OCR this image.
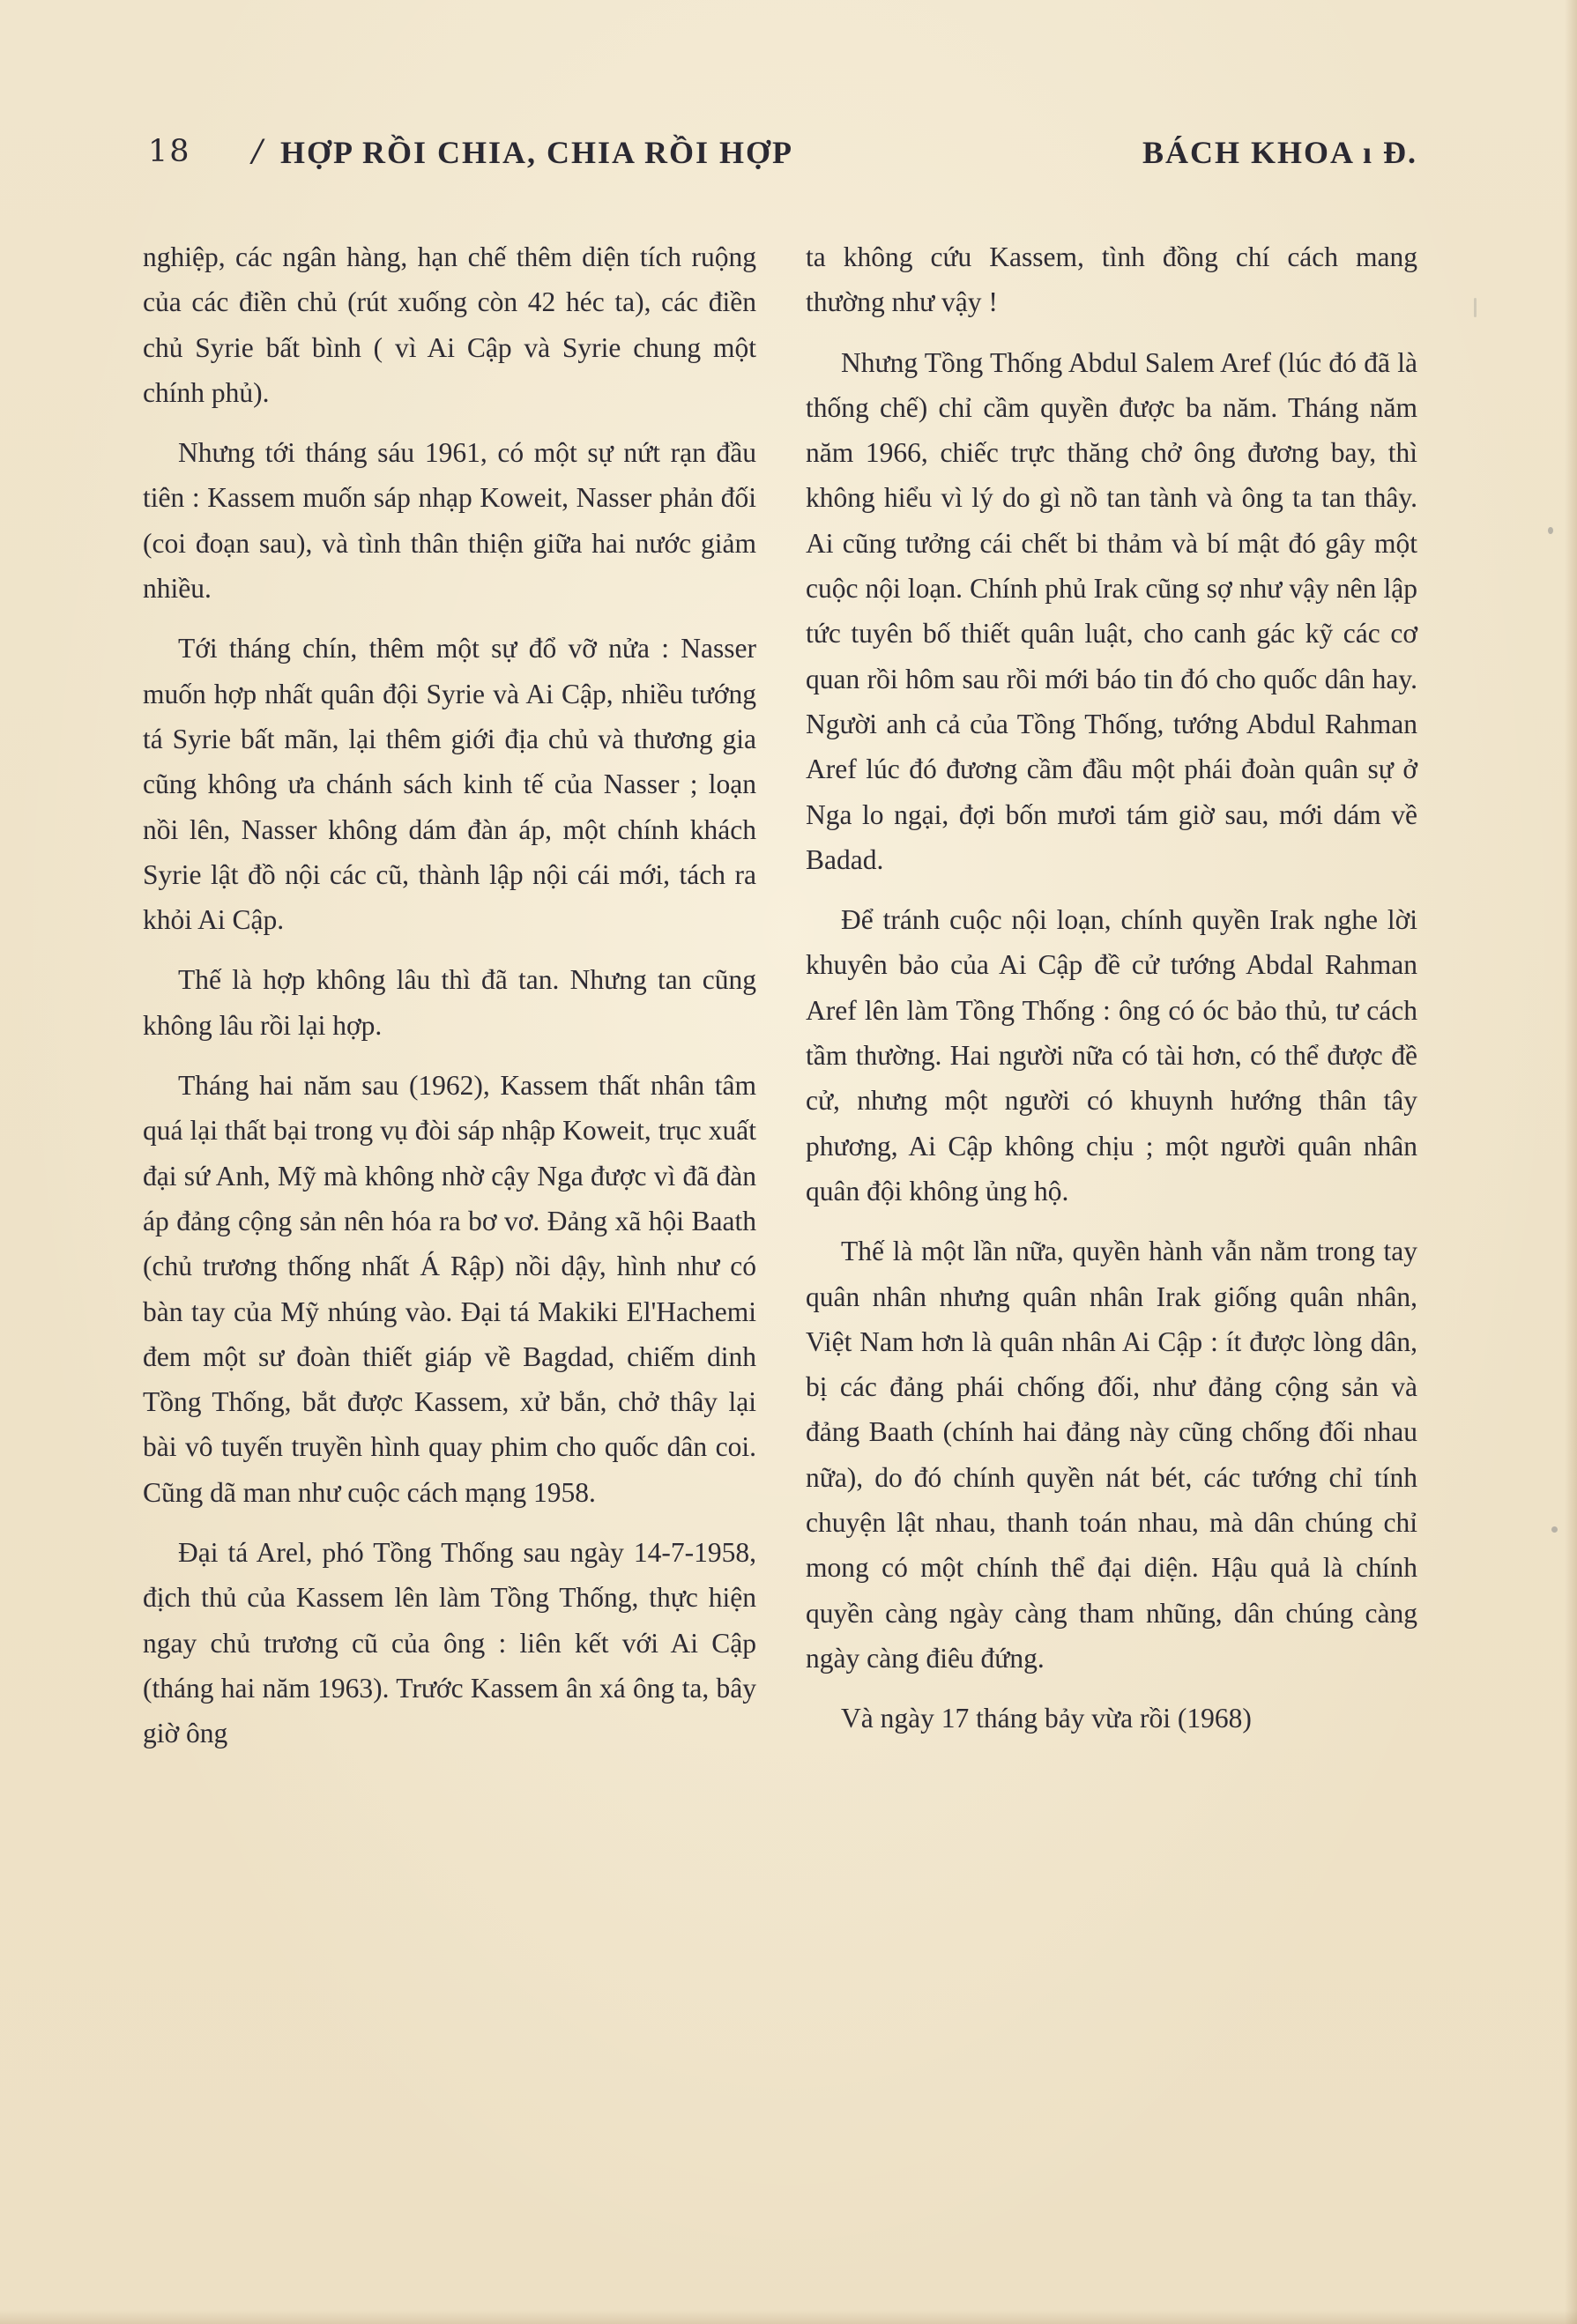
18 / HỢP RỒI CHIA, CHIA RỒI HỢP	BÁCH KHOA ı Đ.

nghiệp, các ngân hàng, hạn chế thêm diện tích ruộng của các điền chủ (rút xuống còn 42 héc ta), các điền chủ Syrie bất bình ( vì Ai Cập và Syrie chung một chính phủ).

Nhưng tới tháng sáu 1961, có một sự nứt rạn đầu tiên : Kassem muốn sáp nhạp Koweit, Nasser phản đối (coi đoạn sau), và tình thân thiện giữa hai nước giảm nhiều.

Tới tháng chín, thêm một sự đổ vỡ nửa : Nasser muốn hợp nhất quân đội Syrie và Ai Cập, nhiều tướng tá Syrie bất mãn, lại thêm giới địa chủ và thương gia cũng không ưa chánh sách kinh tế của Nasser ; loạn nồi lên, Nasser không dám đàn áp, một chính khách Syrie lật đồ nội các cũ, thành lập nội cái mới, tách ra khỏi Ai Cập.

Thế là hợp không lâu thì đã tan. Nhưng tan cũng không lâu rồi lại hợp.

Tháng hai năm sau (1962), Kassem thất nhân tâm quá lại thất bại trong vụ đòi sáp nhập Koweit, trục xuất đại sứ Anh, Mỹ mà không nhờ cậy Nga được vì đã đàn áp đảng cộng sản nên hóa ra bơ vơ. Đảng xã hội Baath (chủ trương thống nhất Á Rập) nồi dậy, hình như có bàn tay của Mỹ nhúng vào. Đại tá Makiki El'Hachemi đem một sư đoàn thiết giáp về Bagdad, chiếm dinh Tồng Thống, bắt được Kassem, xử bắn, chở thây lại bài vô tuyến truyền hình quay phim cho quốc dân coi. Cũng dã man như cuộc cách mạng 1958.

Đại tá Arel, phó Tồng Thống sau ngày 14-7-1958, địch thủ của Kassem lên làm Tồng Thống, thực hiện ngay chủ trương cũ của ông : liên kết với Ai Cập (tháng hai năm 1963). Trước Kassem ân xá ông ta, bây giờ ông

ta không cứu Kassem, tình đồng chí cách mang thường như vậy !

Nhưng Tồng Thống Abdul Salem Aref (lúc đó đã là thống chế) chỉ cầm quyền được ba năm. Tháng năm năm 1966, chiếc trực thăng chở ông đương bay, thì không hiểu vì lý do gì nồ tan tành và ông ta tan thây. Ai cũng tưởng cái chết bi thảm và bí mật đó gây một cuộc nội loạn. Chính phủ Irak cũng sợ như vậy nên lập tức tuyên bố thiết quân luật, cho canh gác kỹ các cơ quan rồi hôm sau rồi mới báo tin đó cho quốc dân hay. Người anh cả của Tồng Thống, tướng Abdul Rahman Aref lúc đó đương cầm đầu một phái đoàn quân sự ở Nga lo ngại, đợi bốn mươi tám giờ sau, mới dám về Badad.

Để tránh cuộc nội loạn, chính quyền Irak nghe lời khuyên bảo của Ai Cập đề cử tướng Abdal Rahman Aref lên làm Tồng Thống : ông có óc bảo thủ, tư cách tầm thường. Hai người nữa có tài hơn, có thể được đề cử, nhưng một người có khuynh hướng thân tây phương, Ai Cập không chịu ; một người quân nhân quân đội không ủng hộ.

Thế là một lần nữa, quyền hành vẫn nằm trong tay quân nhân nhưng quân nhân Irak giống quân nhân, Việt Nam hơn là quân nhân Ai Cập : ít được lòng dân, bị các đảng phái chống đối, như đảng cộng sản và đảng Baath (chính hai đảng này cũng chống đối nhau nữa), do đó chính quyền nát bét, các tướng chỉ tính chuyện lật nhau, thanh toán nhau, mà dân chúng chỉ mong có một chính thể đại diện. Hậu quả là chính quyền càng ngày càng tham nhũng, dân chúng càng ngày càng điêu đứng.

Và ngày 17 tháng bảy vừa rồi (1968)
